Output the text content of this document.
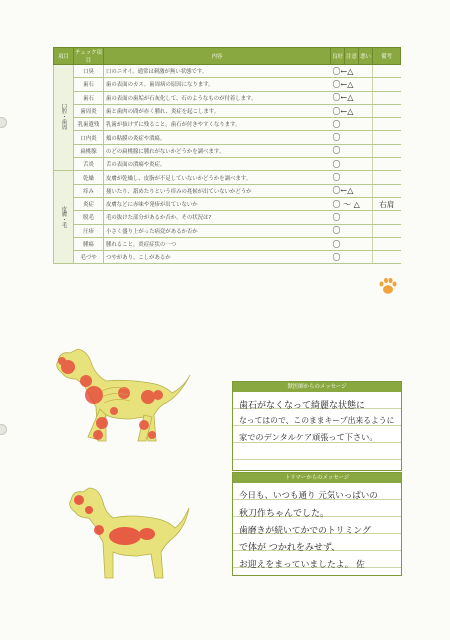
項目	チェック項目	内容	良好	注意	悪い	備考
口腔・歯周	口臭	口のニオイ。通常は刺激が無い状態です。	〇←△			
	歯石	歯の表面のカス。歯周病の原因になります。	〇←△			
	歯石	歯の表面の歯垢が石灰化して、石のようなものが付着します。	〇←△			
	歯周炎	歯と歯肉の間が赤く腫れ、炎症を起こします。	〇←△			
	乳歯遺残	乳歯が抜けずに残ること。歯石が付きやすくなります。	〇			
	口内炎	頬の粘膜の炎症や潰瘍。	〇			
	扁桃腺	のどの扁桃腺に腫れがないかどうかを調べます。	〇			
	舌炎	舌の表面の潰瘍や炎症。	〇			
皮膚・毛	乾燥	皮膚が乾燥し、皮脂が不足していないかどうかを調べます。	〇			
	痒み	掻いたり、舐めたりという痒みの兆候が出ていないかどうか	〇←△			
	炎症	皮膚などに赤味や発疹が出ていないか	〇 〜 △			右肩
	脱毛	毛の抜けた部分があるか否か。その状況は?	〇			
	圧疹	小さく盛り上がった病変があるか否か	〇			
	腫瘍	腫れること。炎症症状の一つ	〇			
	毛づや	つやがあり、こしがあるか	〇			
獣医師からのメッセージ
歯石がなくなって綺麗な状態に
なってはので、このままキープ出来るように
家でのデンタルケア頑張って下さい。
トリマーからのメッセージ
今日も、いつも通り 元気いっぱいの
秋刀作ちゃんでした。
歯磨きが続いてかでのトリミング
で体が つかれをみせず、
お迎えをまっていましたよ。 佐
